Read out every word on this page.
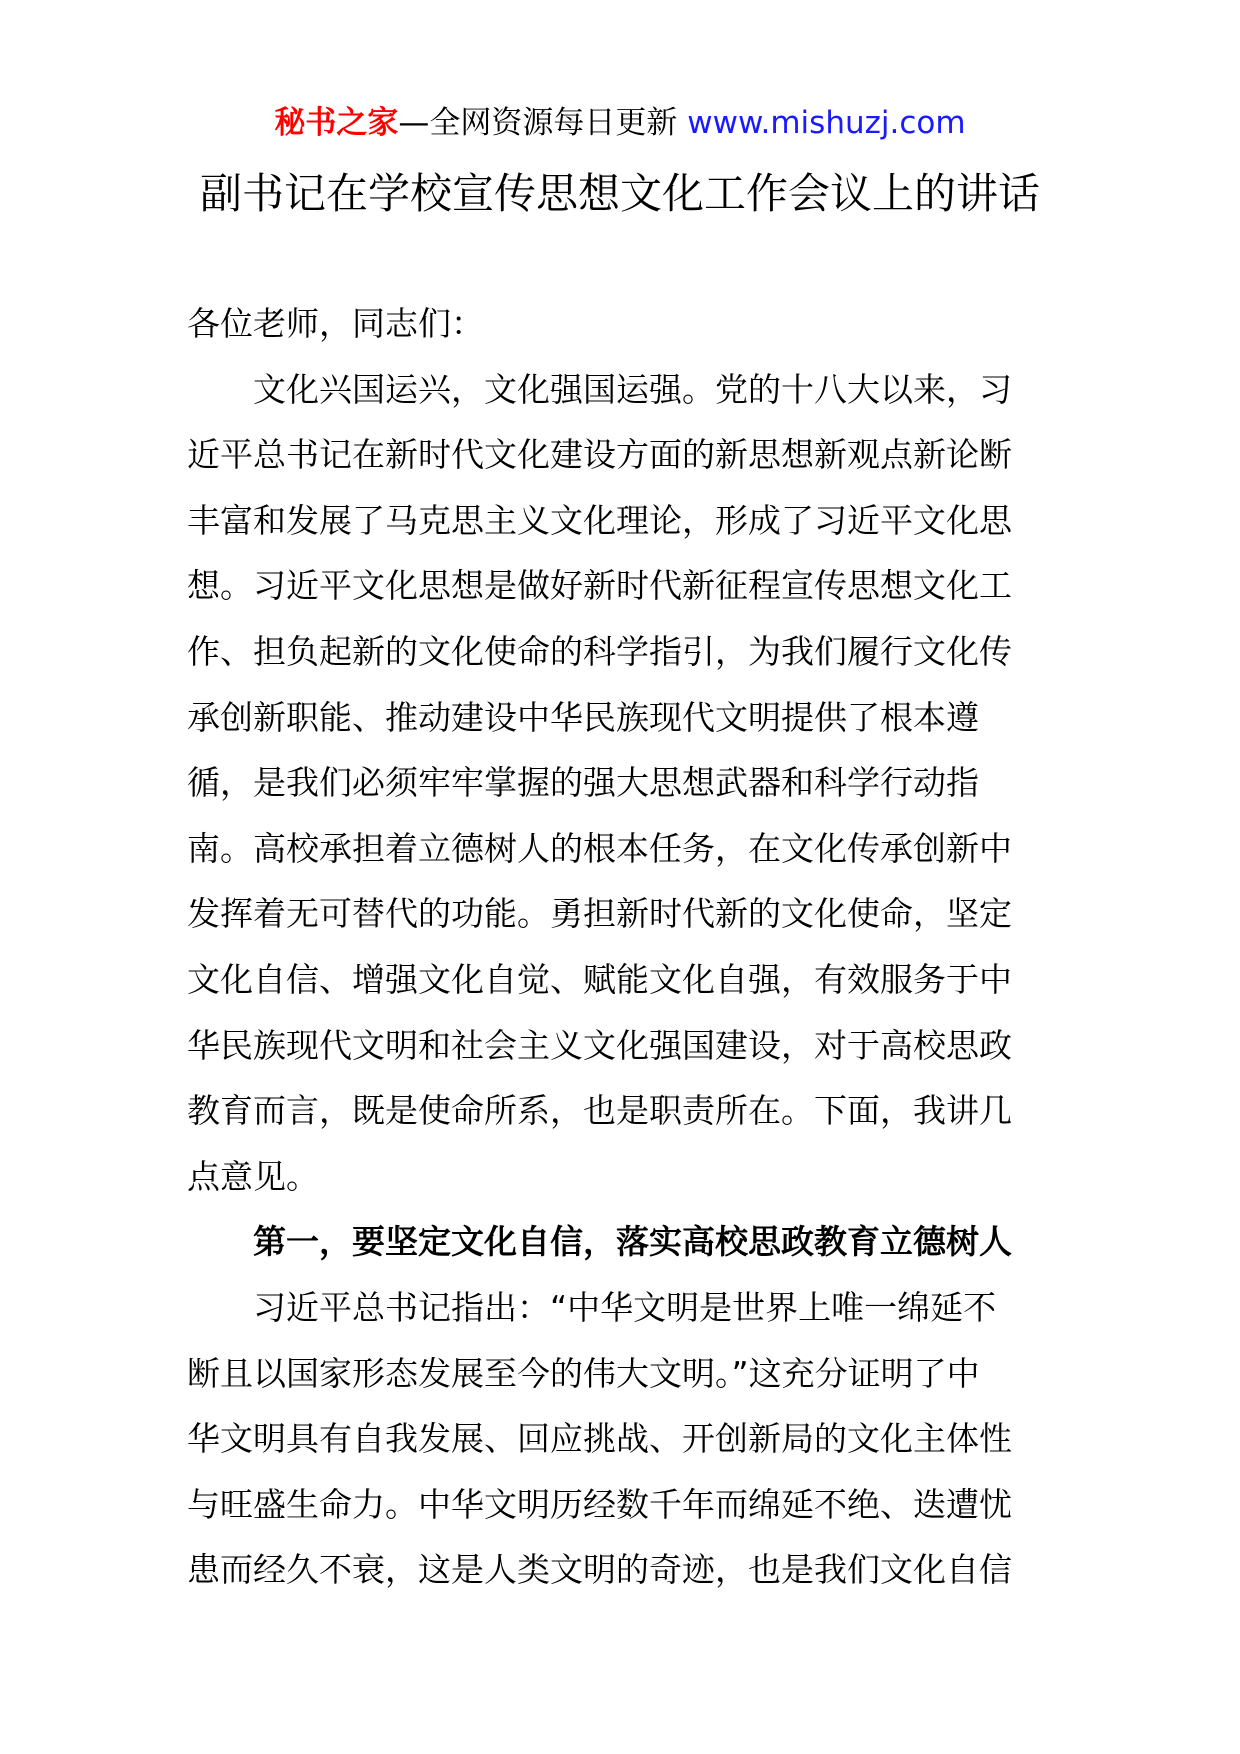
秘书之家—全网资源每日更新 www.mishuzj.com
副书记在学校宣传思想文化工作会议上的讲话
各位老师，同志们：
文化兴国运兴，文化强国运强。党的十八大以来，习
近平总书记在新时代文化建设方面的新思想新观点新论断
丰富和发展了马克思主义文化理论，形成了习近平文化思
想。习近平文化思想是做好新时代新征程宣传思想文化工
作、担负起新的文化使命的科学指引，为我们履行文化传
承创新职能、推动建设中华民族现代文明提供了根本遵
循，是我们必须牢牢掌握的强大思想武器和科学行动指
南。高校承担着立德树人的根本任务，在文化传承创新中
发挥着无可替代的功能。勇担新时代新的文化使命，坚定
文化自信、增强文化自觉、赋能文化自强，有效服务于中
华民族现代文明和社会主义文化强国建设，对于高校思政
教育而言，既是使命所系，也是职责所在。下面，我讲几
点意见。
第一，要坚定文化自信，落实高校思政教育立德树人
习近平总书记指出：“中华文明是世界上唯一绵延不
断且以国家形态发展至今的伟大文明。”这充分证明了中
华文明具有自我发展、回应挑战、开创新局的文化主体性
与旺盛生命力。中华文明历经数千年而绵延不绝、迭遭忧
患而经久不衰，这是人类文明的奇迹，也是我们文化自信
